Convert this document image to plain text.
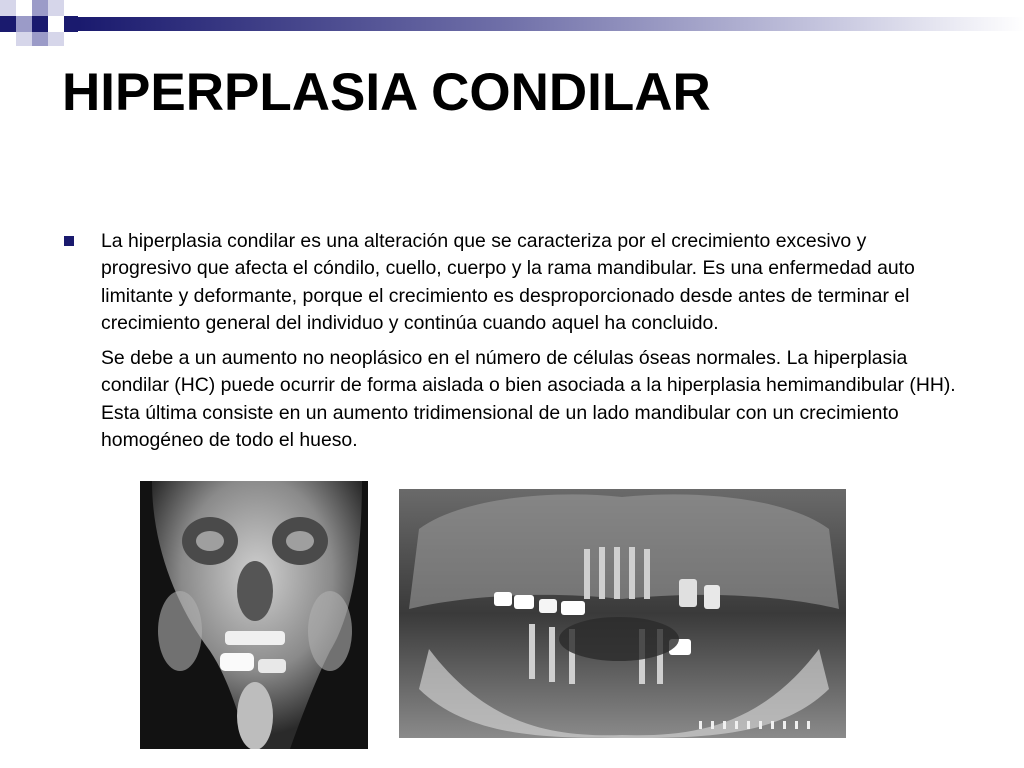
HIPERPLASIA CONDILAR

La hiperplasia condilar es una alteración que se caracteriza por el crecimiento excesivo y progresivo que afecta el cóndilo, cuello, cuerpo y la rama mandibular. Es una enfermedad auto limitante y deformante, porque el crecimiento es desproporcionado desde antes de terminar el crecimiento general del individuo y continúa cuando aquel ha concluido.

Se debe a un aumento no neoplásico en el número de células óseas normales. La hiperplasia condilar (HC) puede ocurrir de forma aislada o bien asociada a la hiperplasia hemimandibular (HH). Esta última consiste en un aumento tridimensional de un lado mandibular con un crecimiento homogéneo de todo el hueso.
